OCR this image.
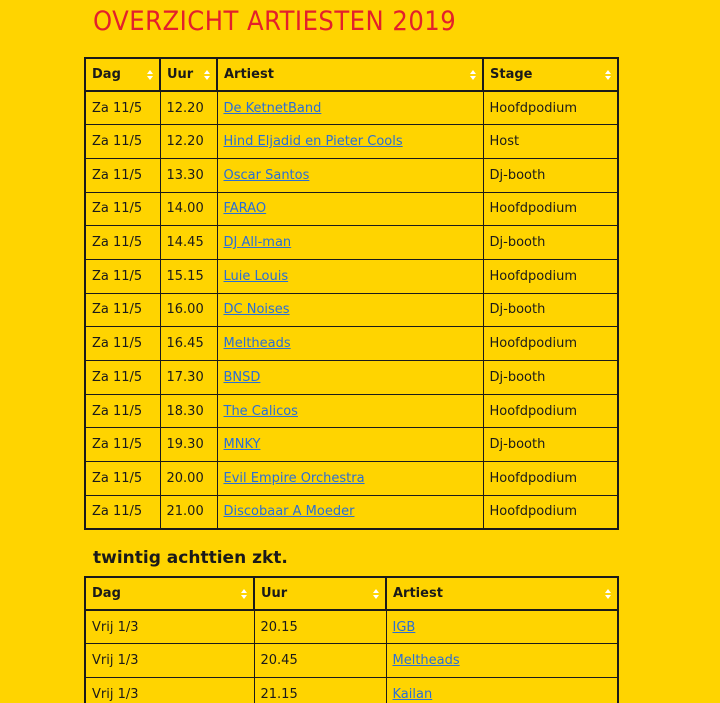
OVERZICHT ARTIESTEN 2019
Dag	Uur	Artiest	Stage

Za 11/5	12.20	De KetnetBand	Hoofdpodium
Za 11/5	12.20	Hind Eljadid en Pieter Cools	Host
Za 11/5	13.30	Oscar Santos	Dj-booth
Za 11/5	14.00	FARAO	Hoofdpodium
Za 11/5	14.45	DJ All-man	Dj-booth
Za 11/5	15.15	Luie Louis	Hoofdpodium
Za 11/5	16.00	DC Noises	Dj-booth
Za 11/5	16.45	Meltheads	Hoofdpodium
Za 11/5	17.30	BNSD	Dj-booth
Za 11/5	18.30	The Calicos	Hoofdpodium
Za 11/5	19.30	MNKY	Dj-booth
Za 11/5	20.00	Evil Empire Orchestra	Hoofdpodium
Za 11/5	21.00	Discobaar A Moeder	Hoofdpodium
twintig achttien zkt.
Dag	Uur	Artiest

Vrij 1/3	20.15	IGB
Vrij 1/3	20.45	Meltheads
Vrij 1/3	21.15	Kailan
